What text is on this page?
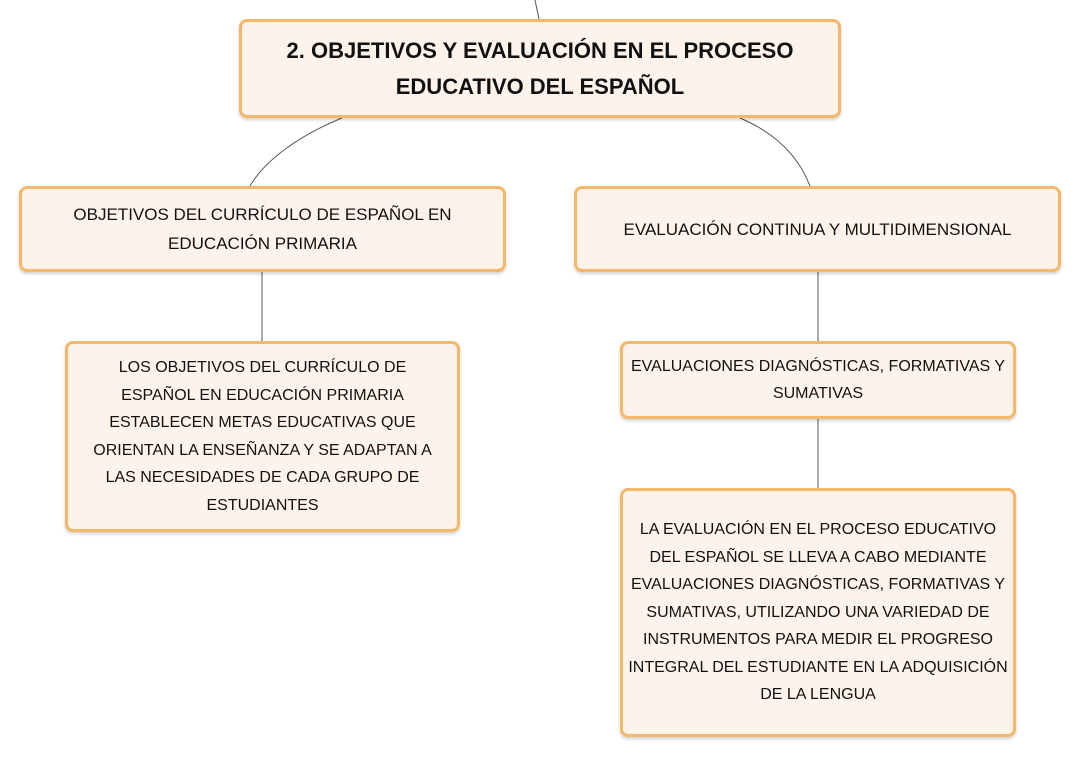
2. OBJETIVOS Y EVALUACIÓN EN EL PROCESO EDUCATIVO DEL ESPAÑOL
OBJETIVOS DEL CURRÍCULO DE ESPAÑOL EN EDUCACIÓN PRIMARIA
EVALUACIÓN CONTINUA Y MULTIDIMENSIONAL
LOS OBJETIVOS DEL CURRÍCULO DE ESPAÑOL EN EDUCACIÓN PRIMARIA ESTABLECEN METAS EDUCATIVAS QUE ORIENTAN LA ENSEÑANZA Y SE ADAPTAN A LAS NECESIDADES DE CADA GRUPO DE ESTUDIANTES
EVALUACIONES DIAGNÓSTICAS, FORMATIVAS Y SUMATIVAS
LA EVALUACIÓN EN EL PROCESO EDUCATIVO DEL ESPAÑOL SE LLEVA A CABO MEDIANTE EVALUACIONES DIAGNÓSTICAS, FORMATIVAS Y SUMATIVAS, UTILIZANDO UNA VARIEDAD DE INSTRUMENTOS PARA MEDIR EL PROGRESO INTEGRAL DEL ESTUDIANTE EN LA ADQUISICIÓN DE LA LENGUA
